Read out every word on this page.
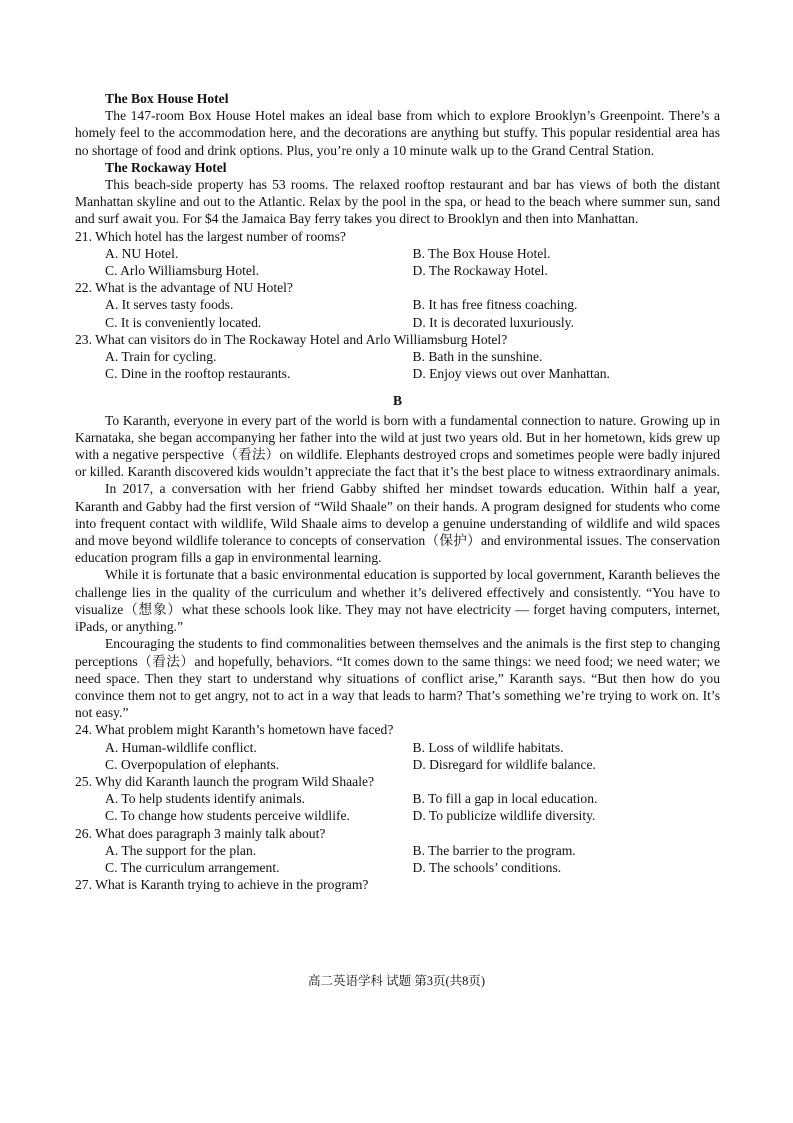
The Box House Hotel

The 147-room Box House Hotel makes an ideal base from which to explore Brooklyn’s Greenpoint. There’s a homely feel to the accommodation here, and the decorations are anything but stuffy. This popular residential area has no shortage of food and drink options. Plus, you’re only a 10 minute walk up to the Grand Central Station.

The Rockaway Hotel

This beach-side property has 53 rooms. The relaxed rooftop restaurant and bar has views of both the distant Manhattan skyline and out to the Atlantic. Relax by the pool in the spa, or head to the beach where summer sun, sand and surf await you. For $4 the Jamaica Bay ferry takes you direct to Brooklyn and then into Manhattan.

21. Which hotel has the largest number of rooms?

A. NU Hotel.	B. The Box House Hotel.
C. Arlo Williamsburg Hotel.	D. The Rockaway Hotel.

22. What is the advantage of NU Hotel?

A. It serves tasty foods.	B. It has free fitness coaching.
C. It is conveniently located.	D. It is decorated luxuriously.

23. What can visitors do in The Rockaway Hotel and Arlo Williamsburg Hotel?

A. Train for cycling.	B. Bath in the sunshine.
C. Dine in the rooftop restaurants.	D. Enjoy views out over Manhattan.
B

To Karanth, everyone in every part of the world is born with a fundamental connection to nature. Growing up in Karnataka, she began accompanying her father into the wild at just two years old. But in her hometown, kids grew up with a negative perspective（看法）on wildlife. Elephants destroyed crops and sometimes people were badly injured or killed. Karanth discovered kids wouldn’t appreciate the fact that it’s the best place to witness extraordinary animals.

In 2017, a conversation with her friend Gabby shifted her mindset towards education. Within half a year, Karanth and Gabby had the first version of “Wild Shaale” on their hands. A program designed for students who come into frequent contact with wildlife, Wild Shaale aims to develop a genuine understanding of wildlife and wild spaces and move beyond wildlife tolerance to concepts of conservation（保护）and environmental issues. The conservation education program fills a gap in environmental learning.

While it is fortunate that a basic environmental education is supported by local government, Karanth believes the challenge lies in the quality of the curriculum and whether it’s delivered effectively and consistently. “You have to visualize（想象）what these schools look like. They may not have electricity — forget having computers, internet, iPads, or anything.”

Encouraging the students to find commonalities between themselves and the animals is the first step to changing perceptions（看法）and hopefully, behaviors. “It comes down to the same things: we need food; we need water; we need space. Then they start to understand why situations of conflict arise,” Karanth says. “But then how do you convince them not to get angry, not to act in a way that leads to harm? That’s something we’re trying to work on. It’s not easy.”

24. What problem might Karanth’s hometown have faced?

A. Human-wildlife conflict.	B. Loss of wildlife habitats.
C. Overpopulation of elephants.	D. Disregard for wildlife balance.

25. Why did Karanth launch the program Wild Shaale?

A. To help students identify animals.	B. To fill a gap in local education.
C. To change how students perceive wildlife.	D. To publicize wildlife diversity.

26. What does paragraph 3 mainly talk about?

A. The support for the plan.	B. The barrier to the program.
C. The curriculum arrangement.	D. The schools’ conditions.

27. What is Karanth trying to achieve in the program?

高二英语学科 试题 第3页(共8页)
